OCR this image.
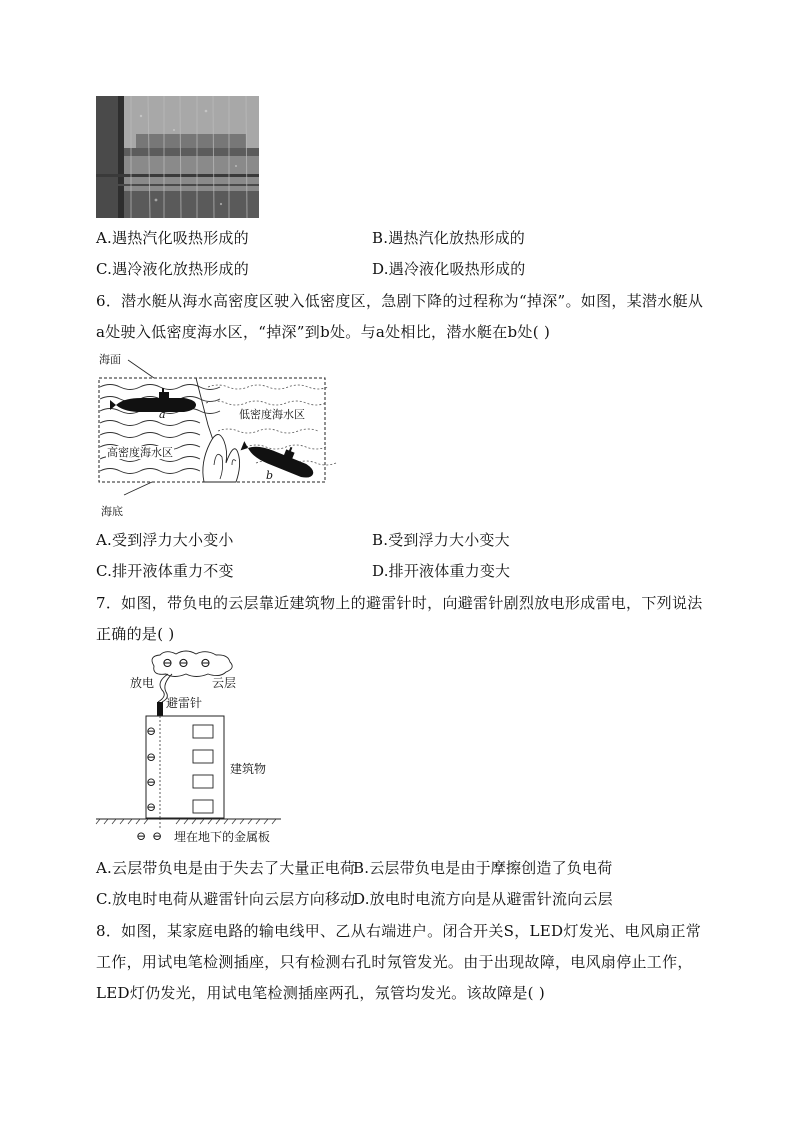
A.遇热汽化吸热形成的	B.遇热汽化放热形成的
C.遇冷液化放热形成的	D.遇冷液化吸热形成的
6．潜水艇从海水高密度区驶入低密度区，急剧下降的过程称为“掉深”。如图，某潜水艇从a处驶入低密度海水区，“掉深”到b处。与a处相比，潜水艇在b处( )
海面
低密度海水区
高密度海水区
海底
a
b
A.受到浮力大小变小	B.受到浮力大小变大
C.排开液体重力不变	D.排开液体重力变大
7．如图，带负电的云层靠近建筑物上的避雷针时，向避雷针剧烈放电形成雷电，下列说法正确的是( )
⊖ ⊖ ⊖
⊖
⊖
⊖
⊖
⊖ ⊖
放电	云层
避雷针
建筑物
埋在地下的金属板
A.云层带负电是由于失去了大量正电荷
B.云层带负电是由于摩擦创造了负电荷
C.放电时电荷从避雷针向云层方向移动
D.放电时电流方向是从避雷针流向云层
8．如图，某家庭电路的输电线甲、乙从右端进户。闭合开关S，LED灯发光、电风扇正常工作，用试电笔检测插座，只有检测右孔时氖管发光。由于出现故障，电风扇停止工作，LED灯仍发光，用试电笔检测插座两孔，氖管均发光。该故障是( )
